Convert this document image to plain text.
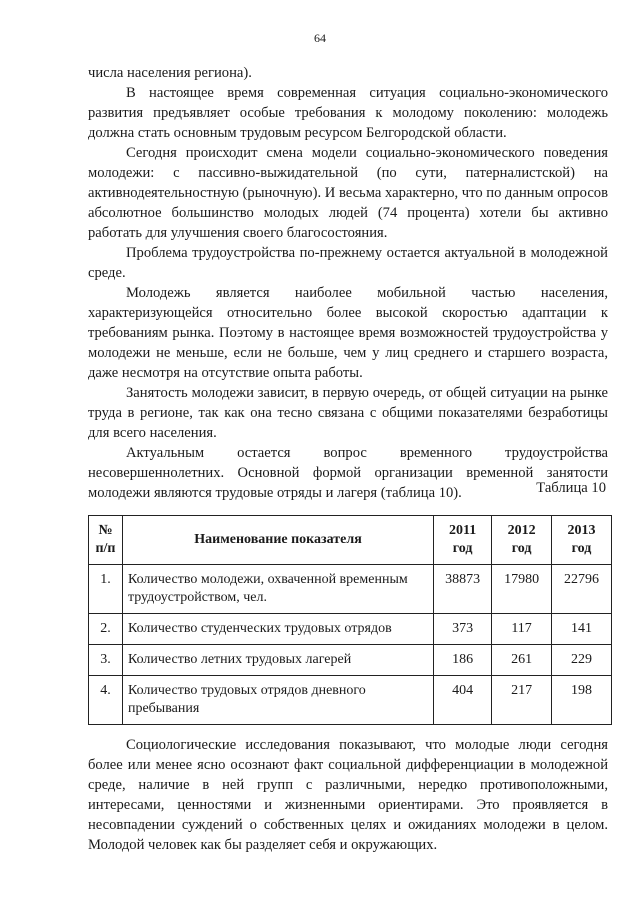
64

числа населения региона).

В настоящее время современная ситуация социально-экономического развития предъявляет особые требования к молодому поколению: молодежь должна стать основным трудовым ресурсом Белгородской области.

Сегодня происходит смена модели социально-экономического поведения молодежи: с пассивно-выжидательной (по сути, патерналистской) на активнодеятельностную (рыночную). И весьма характерно, что по данным опросов абсолютное большинство молодых людей (74 процента) хотели бы активно работать для улучшения своего благосостояния.

Проблема трудоустройства по-прежнему остается актуальной в молодежной среде.

Молодежь является наиболее мобильной частью населения, характеризующейся относительно более высокой скоростью адаптации к требованиям рынка. Поэтому в настоящее время возможностей трудоустройства у молодежи не меньше, если не больше, чем у лиц среднего и старшего возраста, даже несмотря на отсутствие опыта работы.

Занятость молодежи зависит, в первую очередь, от общей ситуации на рынке труда в регионе, так как она тесно связана с общими показателями безработицы для всего населения.

Актуальным остается вопрос временного трудоустройства несовершеннолетних. Основной формой организации временной занятости молодежи являются трудовые отряды и лагеря (таблица 10).	Таблица 10
№ п/п	Наименование показателя	2011 год	2012 год	2013 год
1.	Количество молодежи, охваченной временным трудоустройством, чел.	38873	17980	22796
2.	Количество студенческих трудовых отрядов	373	117	141
3.	Количество летних трудовых лагерей	186	261	229
4.	Количество трудовых отрядов дневного пребывания	404	217	198

Социологические исследования показывают, что молодые люди сегодня более или менее ясно осознают факт социальной дифференциации в молодежной среде, наличие в ней групп с различными, нередко противоположными, интересами, ценностями и жизненными ориентирами. Это проявляется в несовпадении суждений о собственных целях и ожиданиях молодежи в целом. Молодой человек как бы разделяет себя и окружающих.
